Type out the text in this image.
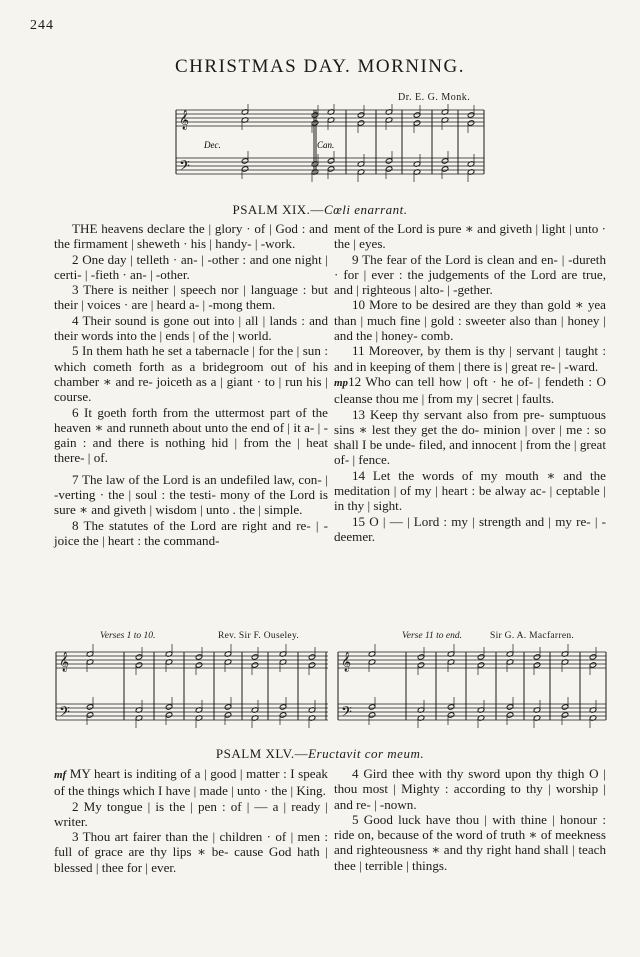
244
CHRISTMAS DAY. MORNING.
Dr. E. G. Monk.
𝄞
𝄢
Dec.	Can.
PSALM XIX.—Cœli enarrant.

THE heavens declare the | glory · of | God : and the firmament | sheweth · his | handy- | -work.

2 One day | telleth · an- | -other : and one night | certi- | -fieth · an- | -other.

3 There is neither | speech nor | language : but their | voices · are | heard a- | -mong them.

4 Their sound is gone out into | all | lands : and their words into the | ends | of the | world.

5 In them hath he set a tabernacle | for the | sun : which cometh forth as a bridegroom out of his chamber ∗ and re- joiceth as a | giant · to | run his | course.

6 It goeth forth from the uttermost part of the heaven ∗ and runneth about unto the end of | it a- | -gain : and there is nothing hid | from the | heat there- | of.

7 The law of the Lord is an undefiled law, con- | -verting · the | soul : the testi- mony of the Lord is sure ∗ and giveth | wisdom | unto . the | simple.

8 The statutes of the Lord are right and re- | -joice the | heart : the command-

ment of the Lord is pure ∗ and giveth | light | unto · the | eyes.

9 The fear of the Lord is clean and en- | -dureth · for | ever : the judgements of the Lord are true, and | righteous | alto- | -gether.

10 More to be desired are they than gold ∗ yea than | much fine | gold : sweeter also than | honey | and the | honey- comb.

11 Moreover, by them is thy | servant | taught : and in keeping of them | there is | great re- | -ward.

mp12 Who can tell how | oft · he of- | fendeth : O cleanse thou me | from my | secret | faults.

13 Keep thy servant also from pre- sumptuous sins ∗ lest they get the do- minion | over | me : so shall I be unde- filed, and innocent | from the | great of- | fence.

14 Let the words of my mouth ∗ and the meditation | of my | heart : be alway ac- | ceptable | in thy | sight.

15 O | — | Lord : my | strength and | my re- | -deemer.

Verses 1 to 10.	Rev. Sir F. Ouseley.	Verse 11 to end.	Sir G. A. Macfarren.
𝄞
𝄢
𝄞
𝄢
PSALM XLV.—Eructavit cor meum.

mf MY heart is inditing of a | good | matter : I speak of the things which I have | made | unto · the | King.

2 My tongue | is the | pen : of | — a | ready | writer.

3 Thou art fairer than the | children · of | men : full of grace are thy lips ∗ be- cause God hath | blessed | thee for | ever.

4 Gird thee with thy sword upon thy thigh O | thou most | Mighty : according to thy | worship | and re- | -nown.

5 Good luck have thou | with thine | honour : ride on, because of the word of truth ∗ of meekness and righteousness ∗ and thy right hand shall | teach thee | terrible | things.
